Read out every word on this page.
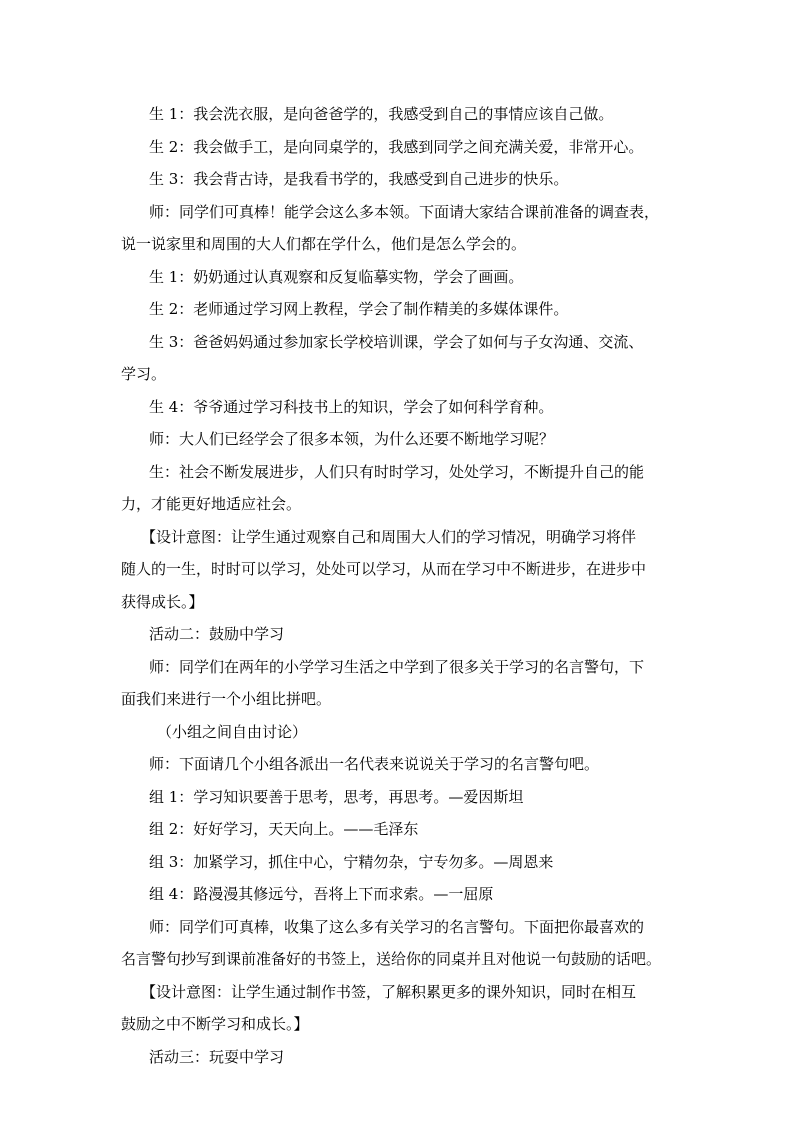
生 1：我会洗衣服，是向爸爸学的，我感受到自己的事情应该自己做。
生 2：我会做手工，是向同桌学的，我感到同学之间充满关爱，非常开心。
生 3：我会背古诗，是我看书学的，我感受到自己进步的快乐。
师：同学们可真棒！能学会这么多本领。下面请大家结合课前准备的调查表，
说一说家里和周围的大人们都在学什么，他们是怎么学会的。
生 1：奶奶通过认真观察和反复临摹实物，学会了画画。
生 2：老师通过学习网上教程，学会了制作精美的多媒体课件。
生 3：爸爸妈妈通过参加家长学校培训课，学会了如何与子女沟通、交流、
学习。
生 4：爷爷通过学习科技书上的知识，学会了如何科学育种。
师：大人们已经学会了很多本领，为什么还要不断地学习呢？
生：社会不断发展进步，人们只有时时学习，处处学习，不断提升自己的能
力，才能更好地适应社会。
【设计意图：让学生通过观察自己和周围大人们的学习情况，明确学习将伴
随人的一生，时时可以学习，处处可以学习，从而在学习中不断进步，在进步中
获得成长。】
活动二：鼓励中学习
师：同学们在两年的小学学习生活之中学到了很多关于学习的名言警句，下
面我们来进行一个小组比拼吧。
（小组之间自由讨论）
师：下面请几个小组各派出一名代表来说说关于学习的名言警句吧。
组 1：学习知识要善于思考，思考，再思考。—爱因斯坦
组 2：好好学习，天天向上。——毛泽东
组 3：加紧学习，抓住中心，宁精勿杂，宁专勿多。—周恩来
组 4：路漫漫其修远兮，吾将上下而求索。—一屈原
师：同学们可真棒，收集了这么多有关学习的名言警句。下面把你最喜欢的
名言警句抄写到课前准备好的书签上，送给你的同桌并且对他说一句鼓励的话吧。
【设计意图：让学生通过制作书签，了解积累更多的课外知识，同时在相互
鼓励之中不断学习和成长。】
活动三：玩耍中学习
